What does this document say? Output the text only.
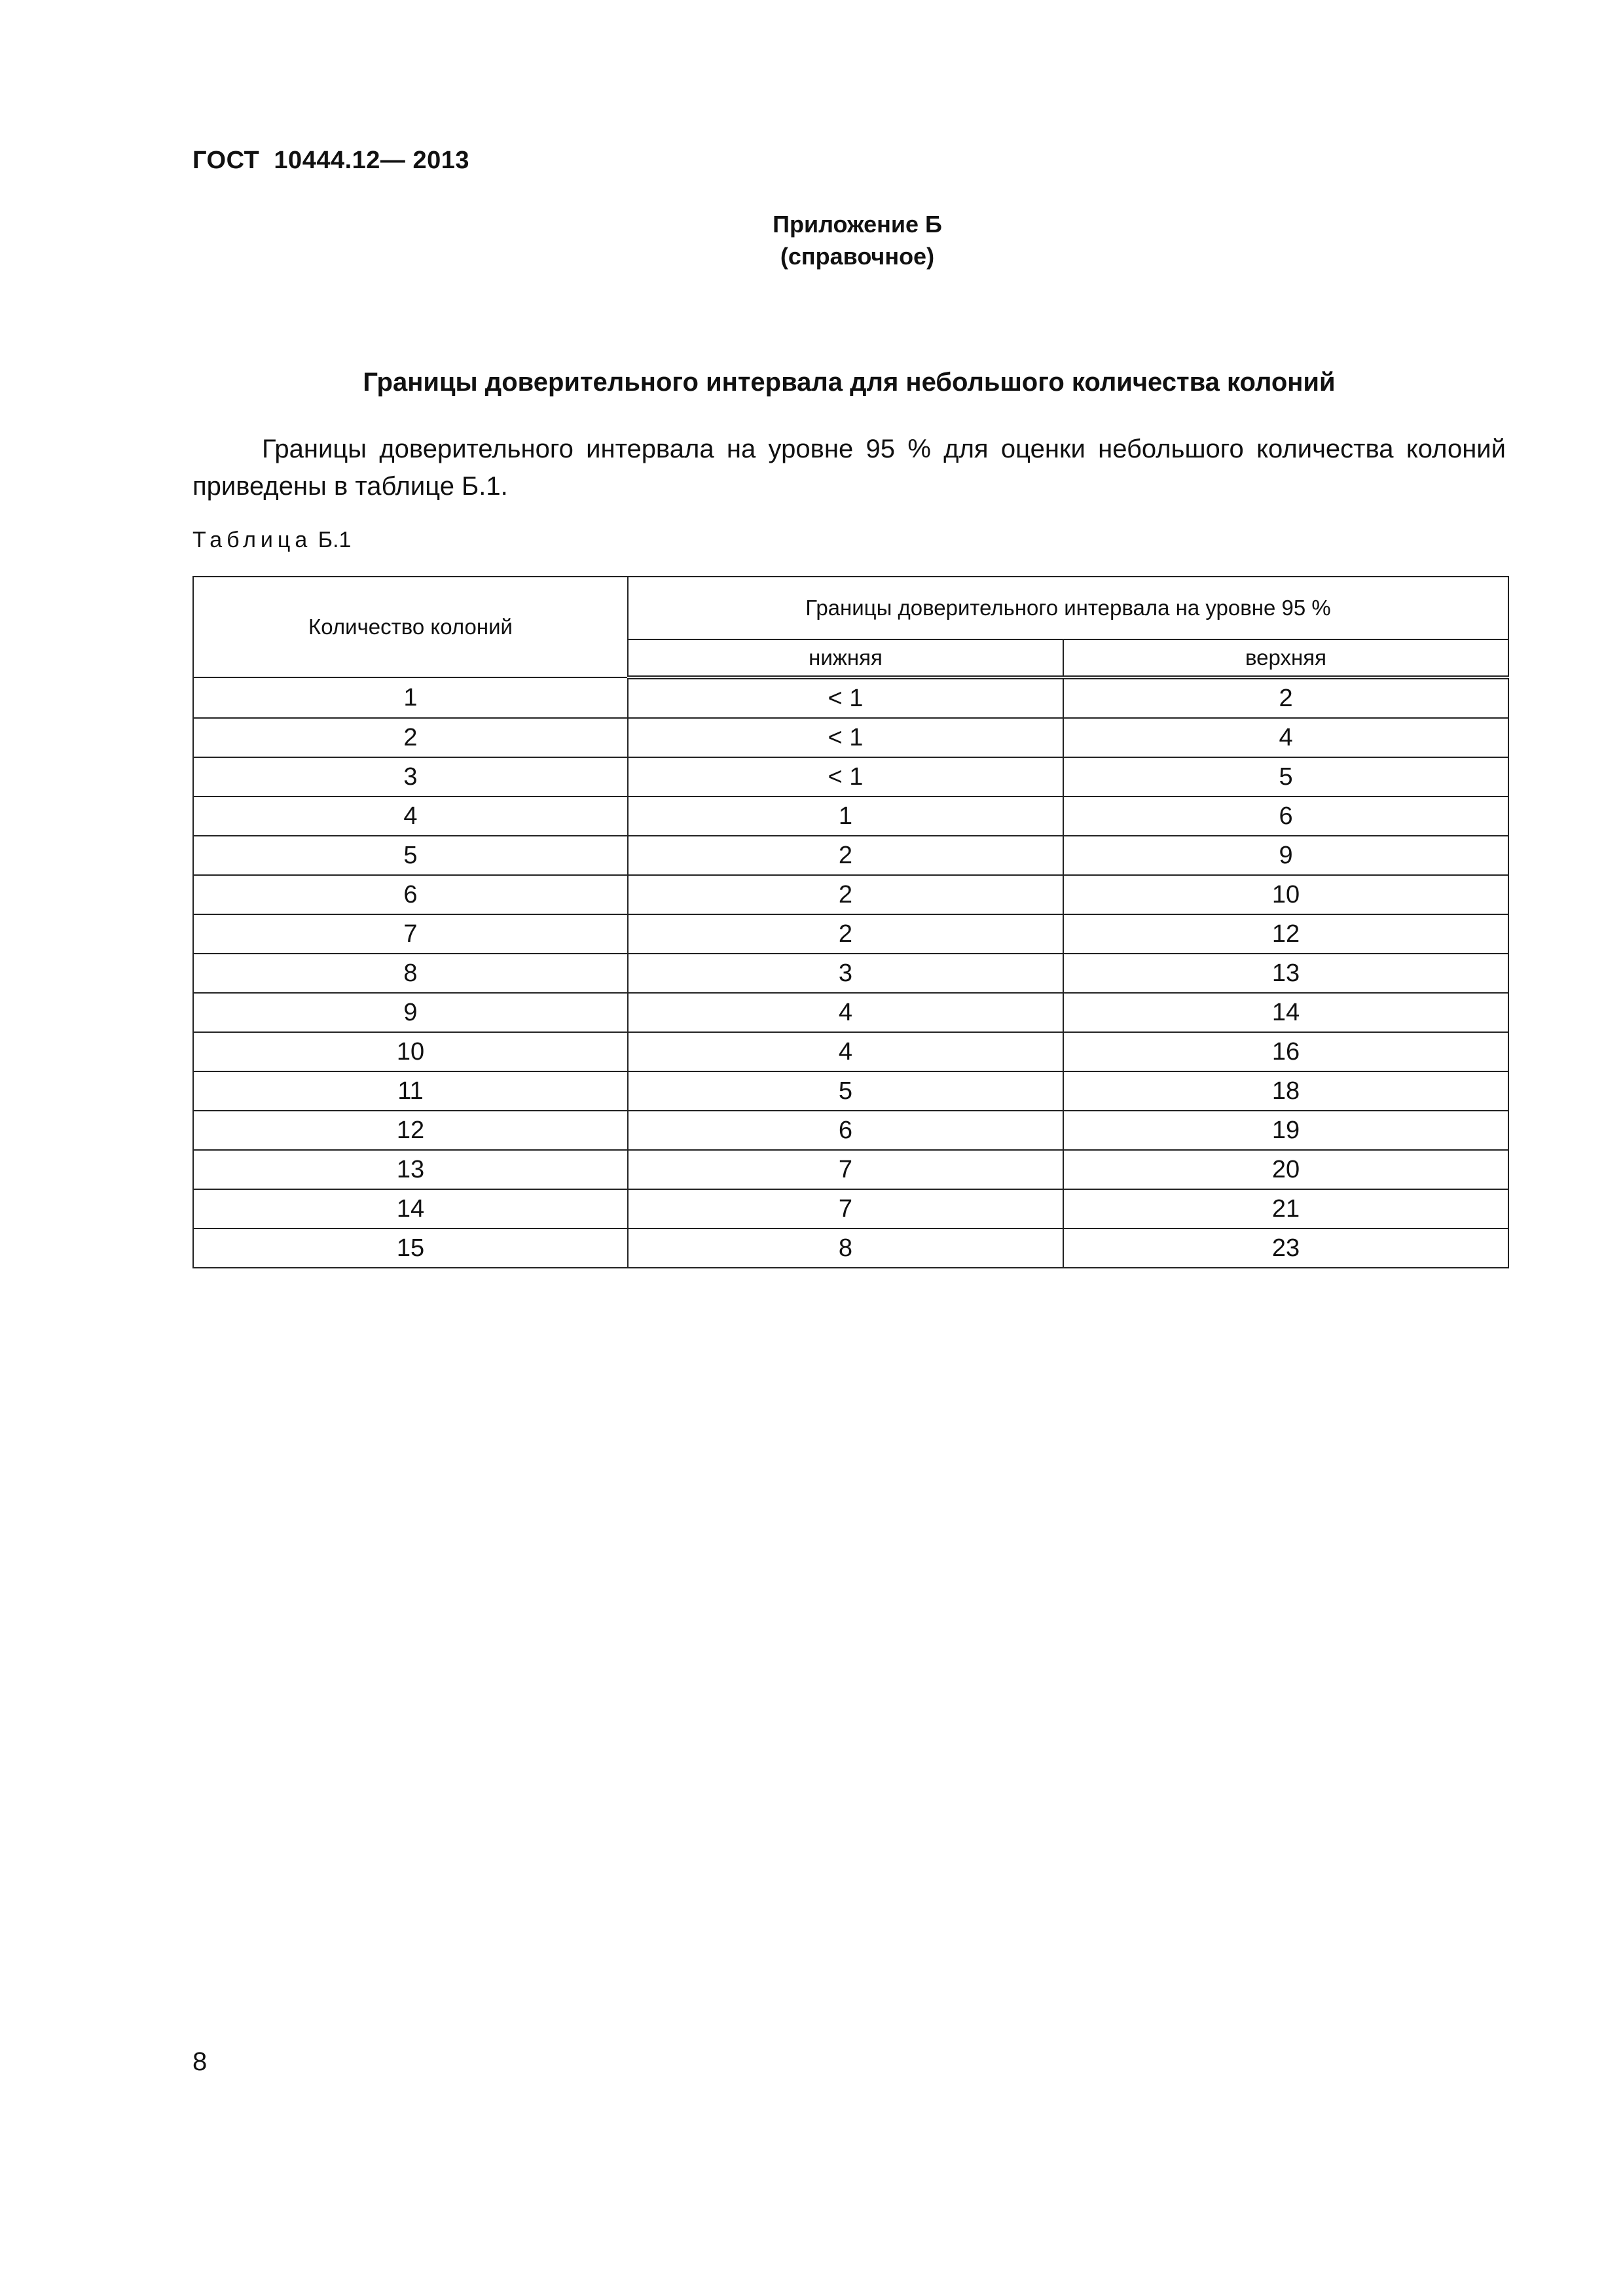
ГОСТ  10444.12— 2013

Приложение Б
(справочное)
Границы доверительного интервала для небольшого количества колоний

Границы доверительного интервала на уровне 95 % для оценки небольшого количества колоний приведены в таблице Б.1.

Таблица Б.1

Количество колоний	Границы доверительного интервала на уровне 95 %	
	нижняя	верхняя
1	< 1	2
2	< 1	4
3	< 1	5
4	1	6
5	2	9
6	2	10
7	2	12
8	3	13
9	4	14
10	4	16
11	5	18
12	6	19
13	7	20
14	7	21
15	8	23

8
